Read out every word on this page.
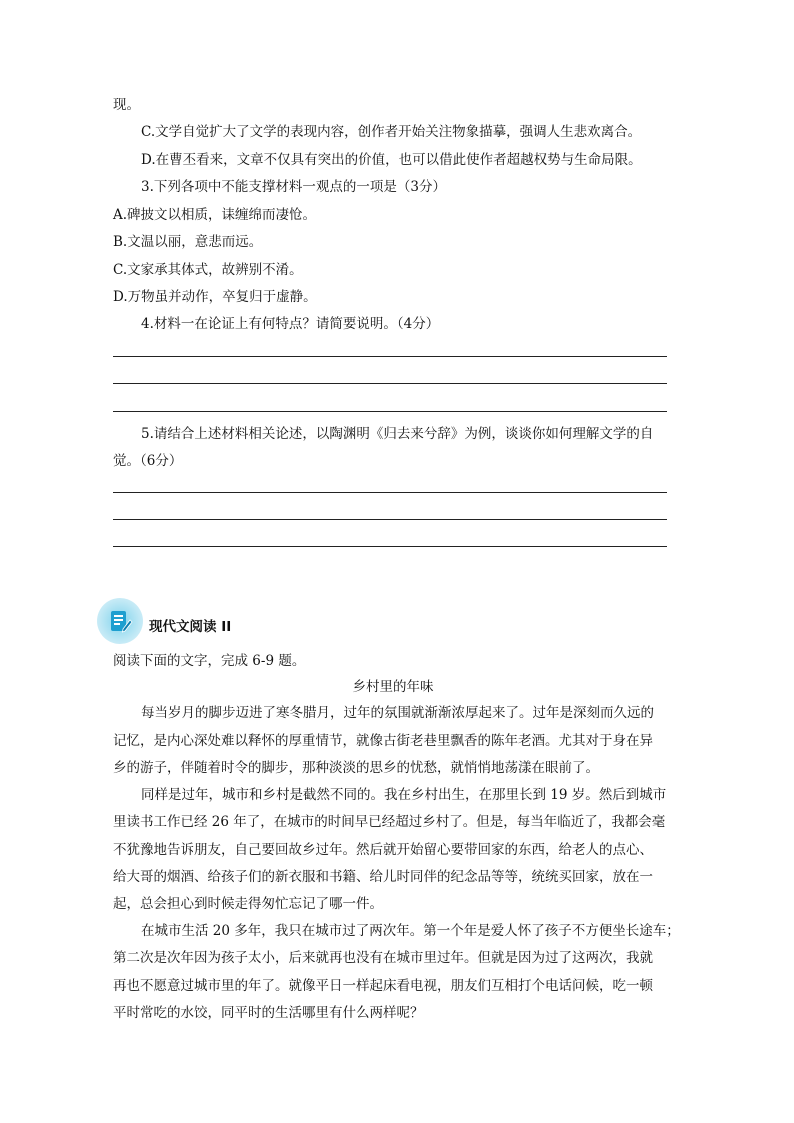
现。
C.文学自觉扩大了文学的表现内容，创作者开始关注物象描摹，强调人生悲欢离合。
D.在曹丕看来，文章不仅具有突出的价值，也可以借此使作者超越权势与生命局限。
3.下列各项中不能支撑材料一观点的一项是（3分）
A.碑披文以相质，诔缠绵而凄怆。
B.文温以丽，意悲而远。
C.文家承其体式，故辨别不淆。
D.万物虽并动作，卒复归于虚静。
4.材料一在论证上有何特点？请简要说明。（4分）
5.请结合上述材料相关论述，以陶渊明《归去来兮辞》为例，谈谈你如何理解文学的自
觉。（6分）
现代文阅读 II
阅读下面的文字，完成 6-9 题。
乡村里的年味
每当岁月的脚步迈进了寒冬腊月，过年的氛围就渐渐浓厚起来了。过年是深刻而久远的
记忆，是内心深处难以释怀的厚重情节，就像古街老巷里飘香的陈年老酒。尤其对于身在异
乡的游子，伴随着时令的脚步，那种淡淡的思乡的忧愁，就悄悄地荡漾在眼前了。
同样是过年，城市和乡村是截然不同的。我在乡村出生，在那里长到 19 岁。然后到城市
里读书工作已经 26 年了，在城市的时间早已经超过乡村了。但是，每当年临近了，我都会毫
不犹豫地告诉朋友，自己要回故乡过年。然后就开始留心要带回家的东西，给老人的点心、
给大哥的烟酒、给孩子们的新衣服和书籍、给儿时同伴的纪念品等等，统统买回家，放在一
起，总会担心到时候走得匆忙忘记了哪一件。
在城市生活 20 多年，我只在城市过了两次年。第一个年是爱人怀了孩子不方便坐长途车；
第二次是次年因为孩子太小，后来就再也没有在城市里过年。但就是因为过了这两次，我就
再也不愿意过城市里的年了。就像平日一样起床看电视，朋友们互相打个电话问候，吃一顿
平时常吃的水饺，同平时的生活哪里有什么两样呢？
